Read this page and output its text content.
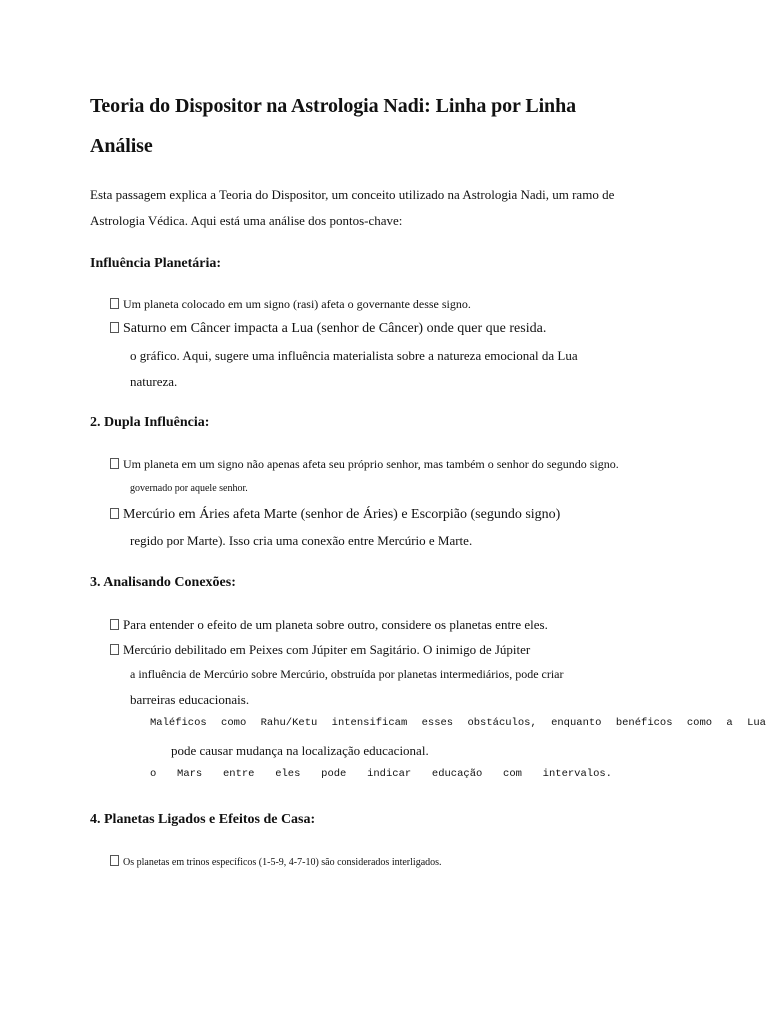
Teoria do Dispositor na Astrologia Nadi: Linha por Linha
Análise
Esta passagem explica a Teoria do Dispositor, um conceito utilizado na Astrologia Nadi, um ramo de
Astrologia Védica. Aqui está uma análise dos pontos-chave:
Influência Planetária:
Um planeta colocado em um signo (rasi) afeta o governante desse signo.
Saturno em Câncer impacta a Lua (senhor de Câncer) onde quer que resida.
o gráfico. Aqui, sugere uma influência materialista sobre a natureza emocional da Lua
natureza.
2. Dupla Influência:
Um planeta em um signo não apenas afeta seu próprio senhor, mas também o senhor do segundo signo.
governado por aquele senhor.
Mercúrio em Áries afeta Marte (senhor de Áries) e Escorpião (segundo signo)
regido por Marte). Isso cria uma conexão entre Mercúrio e Marte.
3. Analisando Conexões:
Para entender o efeito de um planeta sobre outro, considere os planetas entre eles.
Mercúrio debilitado em Peixes com Júpiter em Sagitário. O inimigo de Júpiter
a influência de Mercúrio sobre Mercúrio, obstruída por planetas intermediários, pode criar
barreiras educacionais.
Maléficos como Rahu/Ketu intensificam esses obstáculos, enquanto benéficos como a Lua
pode causar mudança na localização educacional.
o Mars entre eles pode indicar educação com intervalos.
4. Planetas Ligados e Efeitos de Casa:
Os planetas em trinos específicos (1-5-9, 4-7-10) são considerados interligados.
